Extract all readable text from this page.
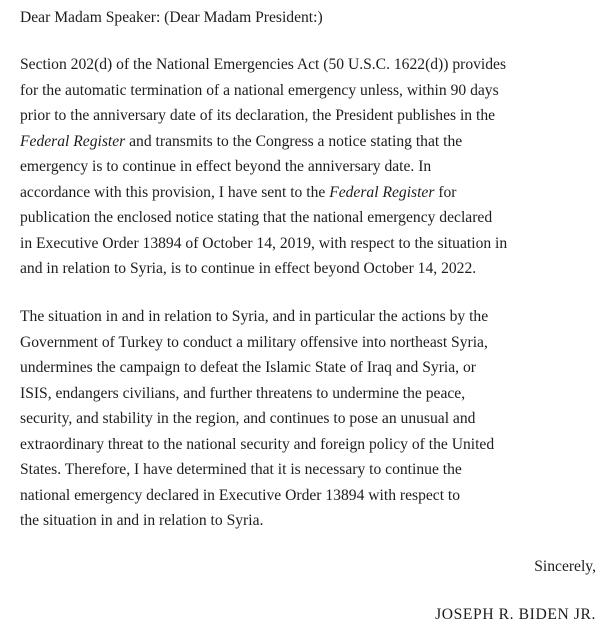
Dear Madam Speaker: (Dear Madam President:)

Section 202(d) of the National Emergencies Act (50 U.S.C. 1622(d)) provides
for the automatic termination of a national emergency unless, within 90 days
prior to the anniversary date of its declaration, the President publishes in the
Federal Register and transmits to the Congress a notice stating that the
emergency is to continue in effect beyond the anniversary date. In
accordance with this provision, I have sent to the Federal Register for
publication the enclosed notice stating that the national emergency declared
in Executive Order 13894 of October 14, 2019, with respect to the situation in
and in relation to Syria, is to continue in effect beyond October 14, 2022.

The situation in and in relation to Syria, and in particular the actions by the
Government of Turkey to conduct a military offensive into northeast Syria,
undermines the campaign to defeat the Islamic State of Iraq and Syria, or
ISIS, endangers civilians, and further threatens to undermine the peace,
security, and stability in the region, and continues to pose an unusual and
extraordinary threat to the national security and foreign policy of the United
States. Therefore, I have determined that it is necessary to continue the
national emergency declared in Executive Order 13894 with respect to
the situation in and in relation to Syria.

Sincerely,
JOSEPH R. BIDEN JR.
